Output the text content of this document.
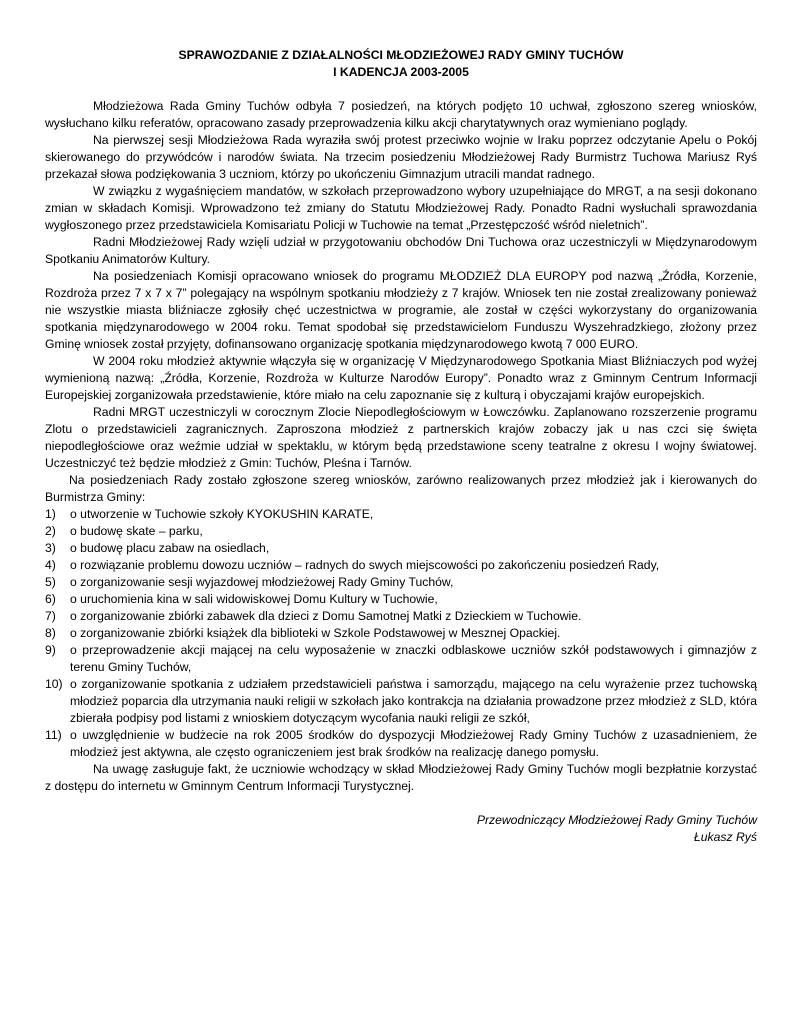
SPRAWOZDANIE Z DZIAŁALNOŚCI MŁODZIEŻOWEJ RADY GMINY TUCHÓW
I KADENCJA 2003-2005

Młodzieżowa Rada Gminy Tuchów odbyła 7 posiedzeń, na których podjęto 10 uchwał, zgłoszono szereg wniosków, wysłuchano kilku referatów, opracowano zasady przeprowadzenia kilku akcji charytatywnych oraz wymieniano poglądy.

Na pierwszej sesji Młodzieżowa Rada wyraziła swój protest przeciwko wojnie w Iraku poprzez odczytanie Apelu o Pokój skierowanego do przywódców i narodów świata. Na trzecim posiedzeniu Młodzieżowej Rady Burmistrz Tuchowa Mariusz Ryś przekazał słowa podziękowania 3 uczniom, którzy po ukończeniu Gimnazjum utracili mandat radnego.

W związku z wygaśnięciem mandatów, w szkołach przeprowadzono wybory uzupełniające do MRGT, a na sesji dokonano zmian w składach Komisji. Wprowadzono też zmiany do Statutu Młodzieżowej Rady. Ponadto Radni wysłuchali sprawozdania wygłoszonego przez przedstawiciela Komisariatu Policji w Tuchowie na temat „Przestępczość wśród nieletnich”.

Radni Młodzieżowej Rady wzięli udział w przygotowaniu obchodów Dni Tuchowa oraz uczestniczyli w Międzynarodowym Spotkaniu Animatorów Kultury.

Na posiedzeniach Komisji opracowano wniosek do programu MŁODZIEŻ DLA EUROPY pod nazwą „Źródła, Korzenie, Rozdroża przez 7 x 7 x 7” polegający na wspólnym spotkaniu młodzieży z 7 krajów. Wniosek ten nie został zrealizowany ponieważ nie wszystkie miasta bliźniacze zgłosiły chęć uczestnictwa w programie, ale został w części wykorzystany do organizowania spotkania międzynarodowego w 2004 roku. Temat spodobał się przedstawicielom Funduszu Wyszehradzkiego, złożony przez Gminę wniosek został przyjęty, dofinansowano organizację spotkania międzynarodowego kwotą 7 000 EURO.

W 2004 roku młodzież aktywnie włączyła się w organizację V Międzynarodowego Spotkania Miast Bliźniaczych pod wyżej wymienioną nazwą: „Źródła, Korzenie, Rozdroża w Kulturze Narodów Europy”. Ponadto wraz z Gminnym Centrum Informacji Europejskiej zorganizowała przedstawienie, które miało na celu zapoznanie się z kulturą i obyczajami krajów europejskich.

Radni MRGT uczestniczyli w corocznym Zlocie Niepodległościowym w Łowczówku. Zaplanowano rozszerzenie programu Zlotu o przedstawicieli zagranicznych. Zaproszona młodzież z partnerskich krajów zobaczy jak u nas czci się święta niepodległościowe oraz weźmie udział w spektaklu, w którym będą przedstawione sceny teatralne z okresu I wojny światowej. Uczestniczyć też będzie młodzież z Gmin: Tuchów, Pleśna i Tarnów.

Na posiedzeniach Rady zostało zgłoszone szereg wniosków, zarówno realizowanych przez młodzież jak i kierowanych do Burmistrza Gminy:

1) o utworzenie w Tuchowie szkoły KYOKUSHIN KARATE,
2) o budowę skate – parku,
3) o budowę placu zabaw na osiedlach,
4) o rozwiązanie problemu dowozu uczniów – radnych do swych miejscowości po zakończeniu posiedzeń Rady,
5) o zorganizowanie sesji wyjazdowej młodzieżowej Rady Gminy Tuchów,
6) o uruchomienia kina w sali widowiskowej Domu Kultury w Tuchowie,
7) o zorganizowanie zbiórki zabawek dla dzieci z Domu Samotnej Matki z Dzieckiem w Tuchowie.
8) o zorganizowanie zbiórki książek dla biblioteki w Szkole Podstawowej w Mesznej Opackiej.
9) o przeprowadzenie akcji mającej na celu wyposażenie w znaczki odblaskowe uczniów szkół podstawowych i gimnazjów z terenu Gminy Tuchów,
10) o zorganizowanie spotkania z udziałem przedstawicieli państwa i samorządu, mającego na celu wyrażenie przez tuchowską młodzież poparcia dla utrzymania nauki religii w szkołach jako kontrakcja na działania prowadzone przez młodzież z SLD, która zbierała podpisy pod listami z wnioskiem dotyczącym wycofania nauki religii ze szkół,
11) o uwzględnienie w budżecie na rok 2005 środków do dyspozycji Młodzieżowej Rady Gminy Tuchów z uzasadnieniem, że młodzież jest aktywna, ale często ograniczeniem jest brak środków na realizację danego pomysłu.

Na uwagę zasługuje fakt, że uczniowie wchodzący w skład Młodzieżowej Rady Gminy Tuchów mogli bezpłatnie korzystać z dostępu do internetu w Gminnym Centrum Informacji Turystycznej.

Przewodniczący Młodzieżowej Rady Gminy Tuchów
Łukasz Ryś
